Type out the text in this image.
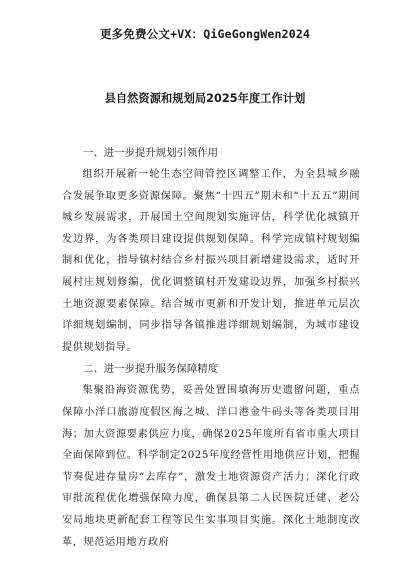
更多免费公文+VX：QiGeGongWen2024
县自然资源和规划局2025年度工作计划

一、进一步提升规划引领作用

组织开展新一轮生态空间管控区调整工作，为全县城乡融合发展争取更多资源保障。聚焦“十四五”期末和“十五五”期间城乡发展需求，开展国土空间规划实施评估，科学优化城镇开发边界，为各类项目建设提供规划保障。科学完成镇村规划编制和优化，指导镇村结合乡村振兴项目新增建设需求，适时开展村庄规划修编，优化调整镇村开发建设边界，加强乡村振兴土地资源要素保障。结合城市更新和开发计划，推进单元层次详细规划编制，同步指导各镇推进详细规划编制，为城市建设提供规划指导。

二、进一步提升服务保障精度

集聚沿海资源优势，妥善处置围填海历史遗留问题，重点保障小洋口旅游度假区海之城、洋口港金牛码头等各类项目用海；加大资源要素供应力度，确保2025年度所有省市重大项目全面保障到位。科学制定2025年度经营性用地供应计划，把握节奏促进存量房“去库存”，激发土地资源资产活力；深化行政审批流程优化增强保障力度，确保县第二人民医院迁建、老公安局地块更新配套工程等民生实事项目实施。深化土地制度改革，规范运用地方政府
